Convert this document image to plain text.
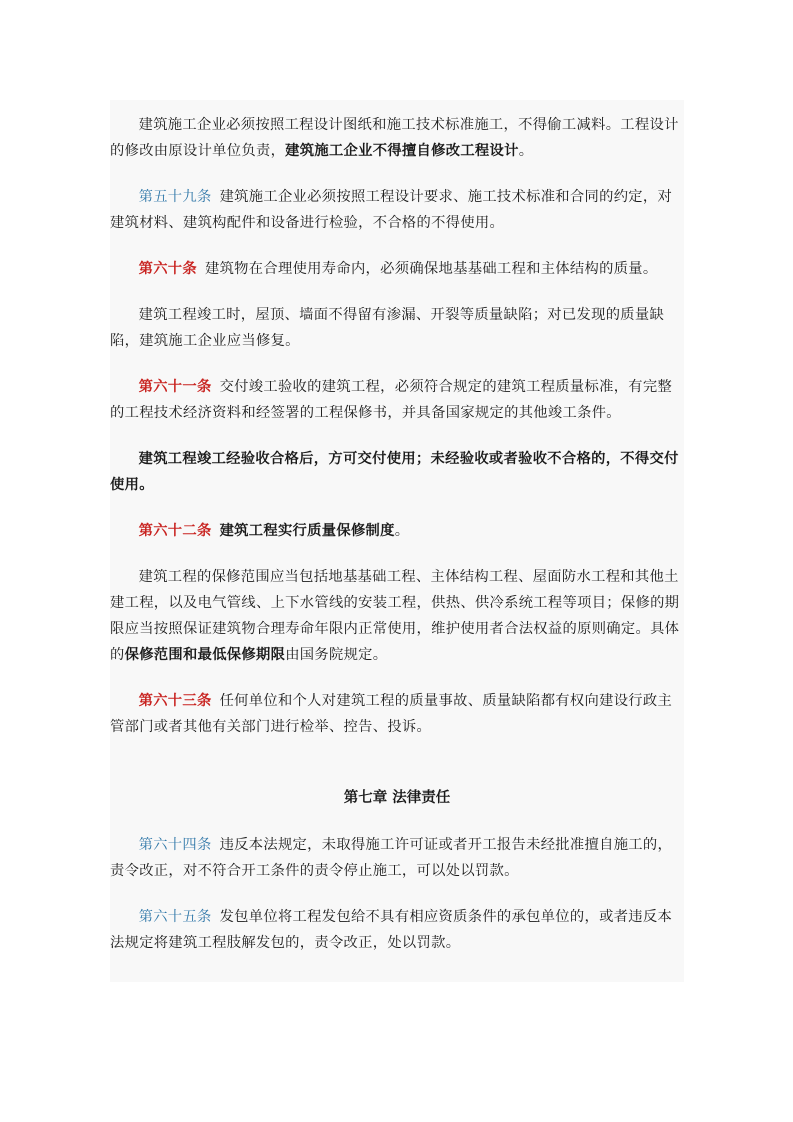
建筑施工企业必须按照工程设计图纸和施工技术标准施工，不得偷工减料。工程设计的修改由原设计单位负责，建筑施工企业不得擅自修改工程设计。

第五十九条 建筑施工企业必须按照工程设计要求、施工技术标准和合同的约定，对建筑材料、建筑构配件和设备进行检验，不合格的不得使用。

第六十条 建筑物在合理使用寿命内，必须确保地基基础工程和主体结构的质量。

建筑工程竣工时，屋顶、墙面不得留有渗漏、开裂等质量缺陷；对已发现的质量缺陷，建筑施工企业应当修复。

第六十一条 交付竣工验收的建筑工程，必须符合规定的建筑工程质量标准，有完整的工程技术经济资料和经签署的工程保修书，并具备国家规定的其他竣工条件。

建筑工程竣工经验收合格后，方可交付使用；未经验收或者验收不合格的，不得交付使用。

第六十二条 建筑工程实行质量保修制度。

建筑工程的保修范围应当包括地基基础工程、主体结构工程、屋面防水工程和其他土建工程，以及电气管线、上下水管线的安装工程，供热、供冷系统工程等项目；保修的期限应当按照保证建筑物合理寿命年限内正常使用，维护使用者合法权益的原则确定。具体的保修范围和最低保修期限由国务院规定。

第六十三条 任何单位和个人对建筑工程的质量事故、质量缺陷都有权向建设行政主管部门或者其他有关部门进行检举、控告、投诉。

第七章 法律责任

第六十四条 违反本法规定，未取得施工许可证或者开工报告未经批准擅自施工的，责令改正，对不符合开工条件的责令停止施工，可以处以罚款。

第六十五条 发包单位将工程发包给不具有相应资质条件的承包单位的，或者违反本法规定将建筑工程肢解发包的，责令改正，处以罚款。
